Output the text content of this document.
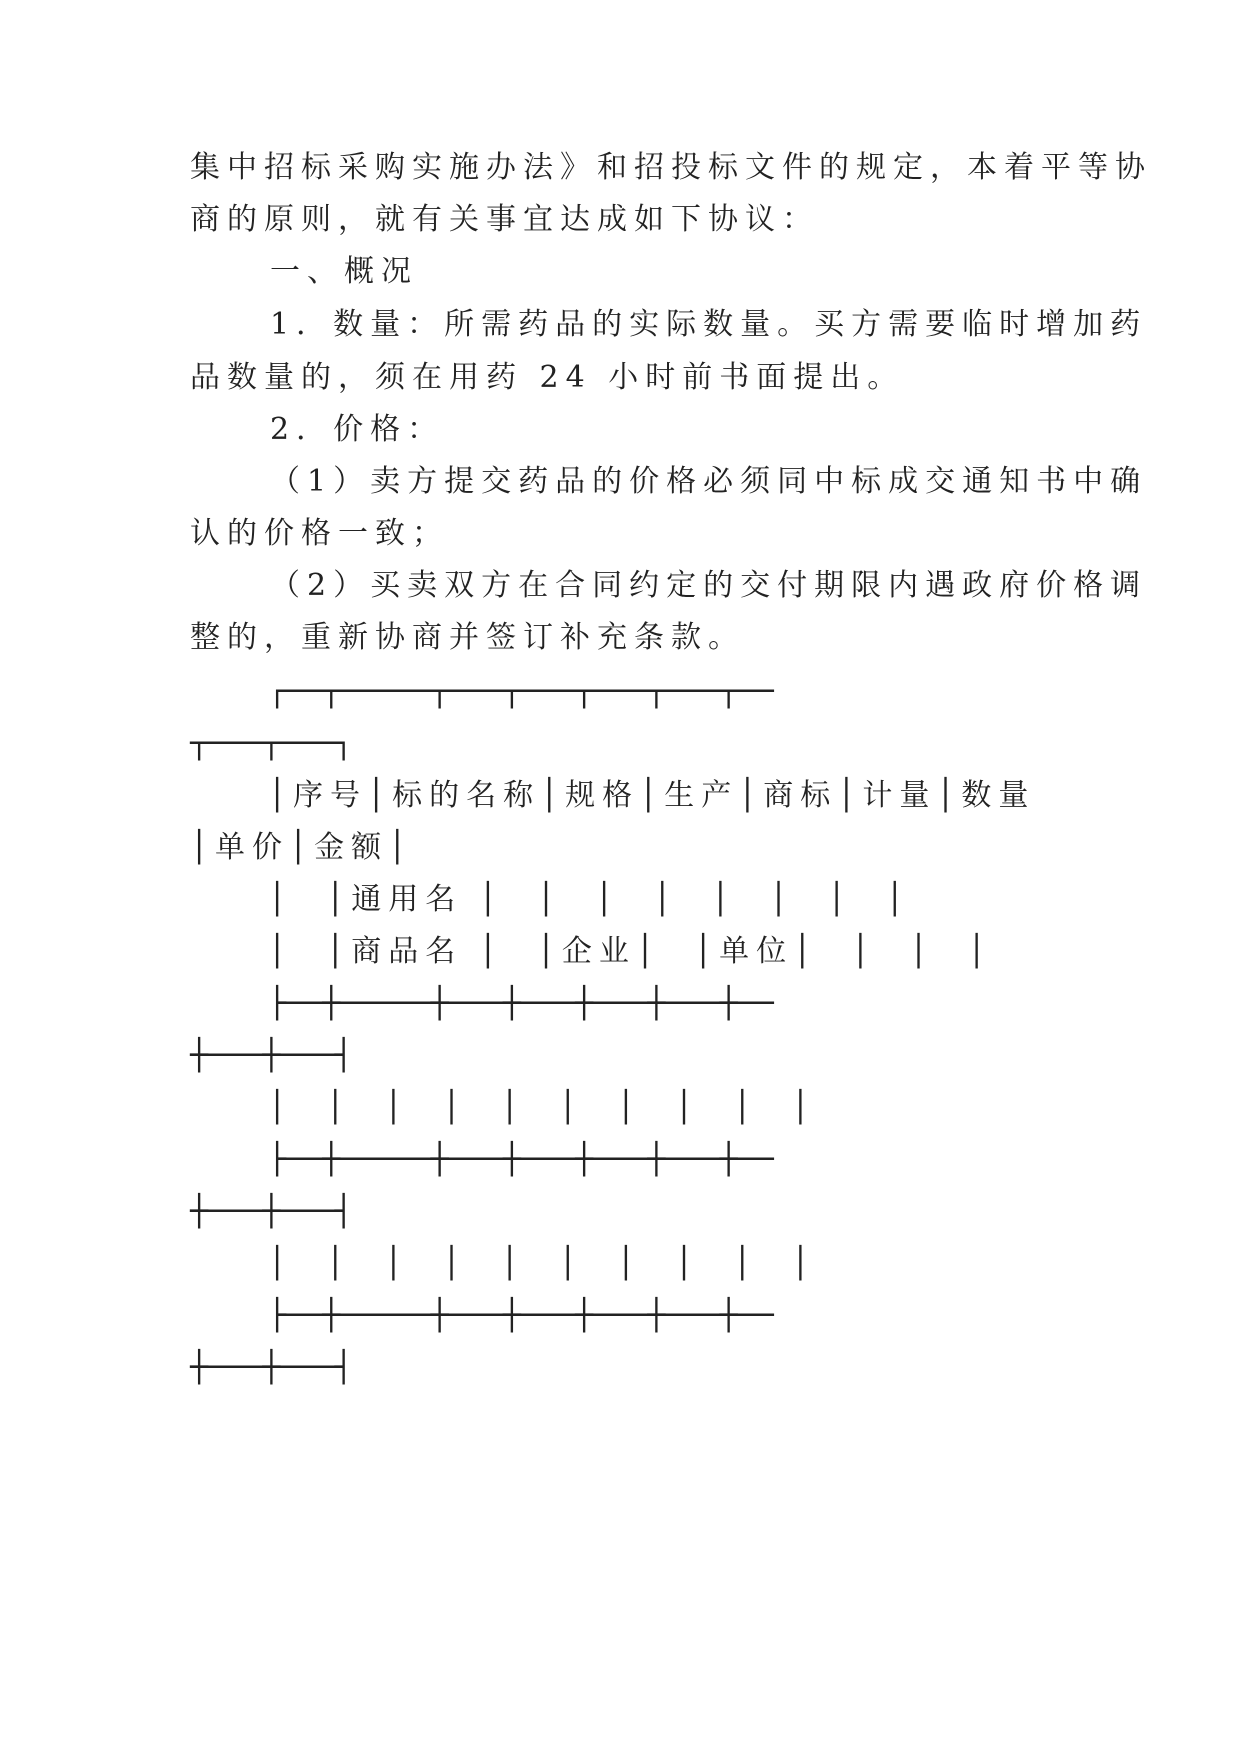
集中招标采购实施办法》和招投标文件的规定，本着平等协
商的原则，就有关事宜达成如下协议：
一、概况
1．数量：所需药品的实际数量。买方需要临时增加药
品数量的，须在用药 24 小时前书面提出。
2．价格：
（1）卖方提交药品的价格必须同中标成交通知书中确
认的价格一致；
（2）买卖双方在合同约定的交付期限内遇政府价格调
整的，重新协商并签订补充条款。
┌──┬─────┬───┬───┬───┬───┬──
┬───┬───┐
│序号│标的名称│规格│生产│商标│计量│数量
│单价│金额│
│  │通用名 │  │  │  │  │  │  │  │
│  │商品名 │  │企业│  │单位│  │  │  │
├──┼─────┼───┼───┼───┼───┼──
┼───┼───┤
│  │  │  │  │  │  │  │  │  │
├──┼─────┼───┼───┼───┼───┼──
┼───┼───┤
│  │  │  │  │  │  │  │  │  │
├──┼─────┼───┼───┼───┼───┼──
┼───┼───┤
